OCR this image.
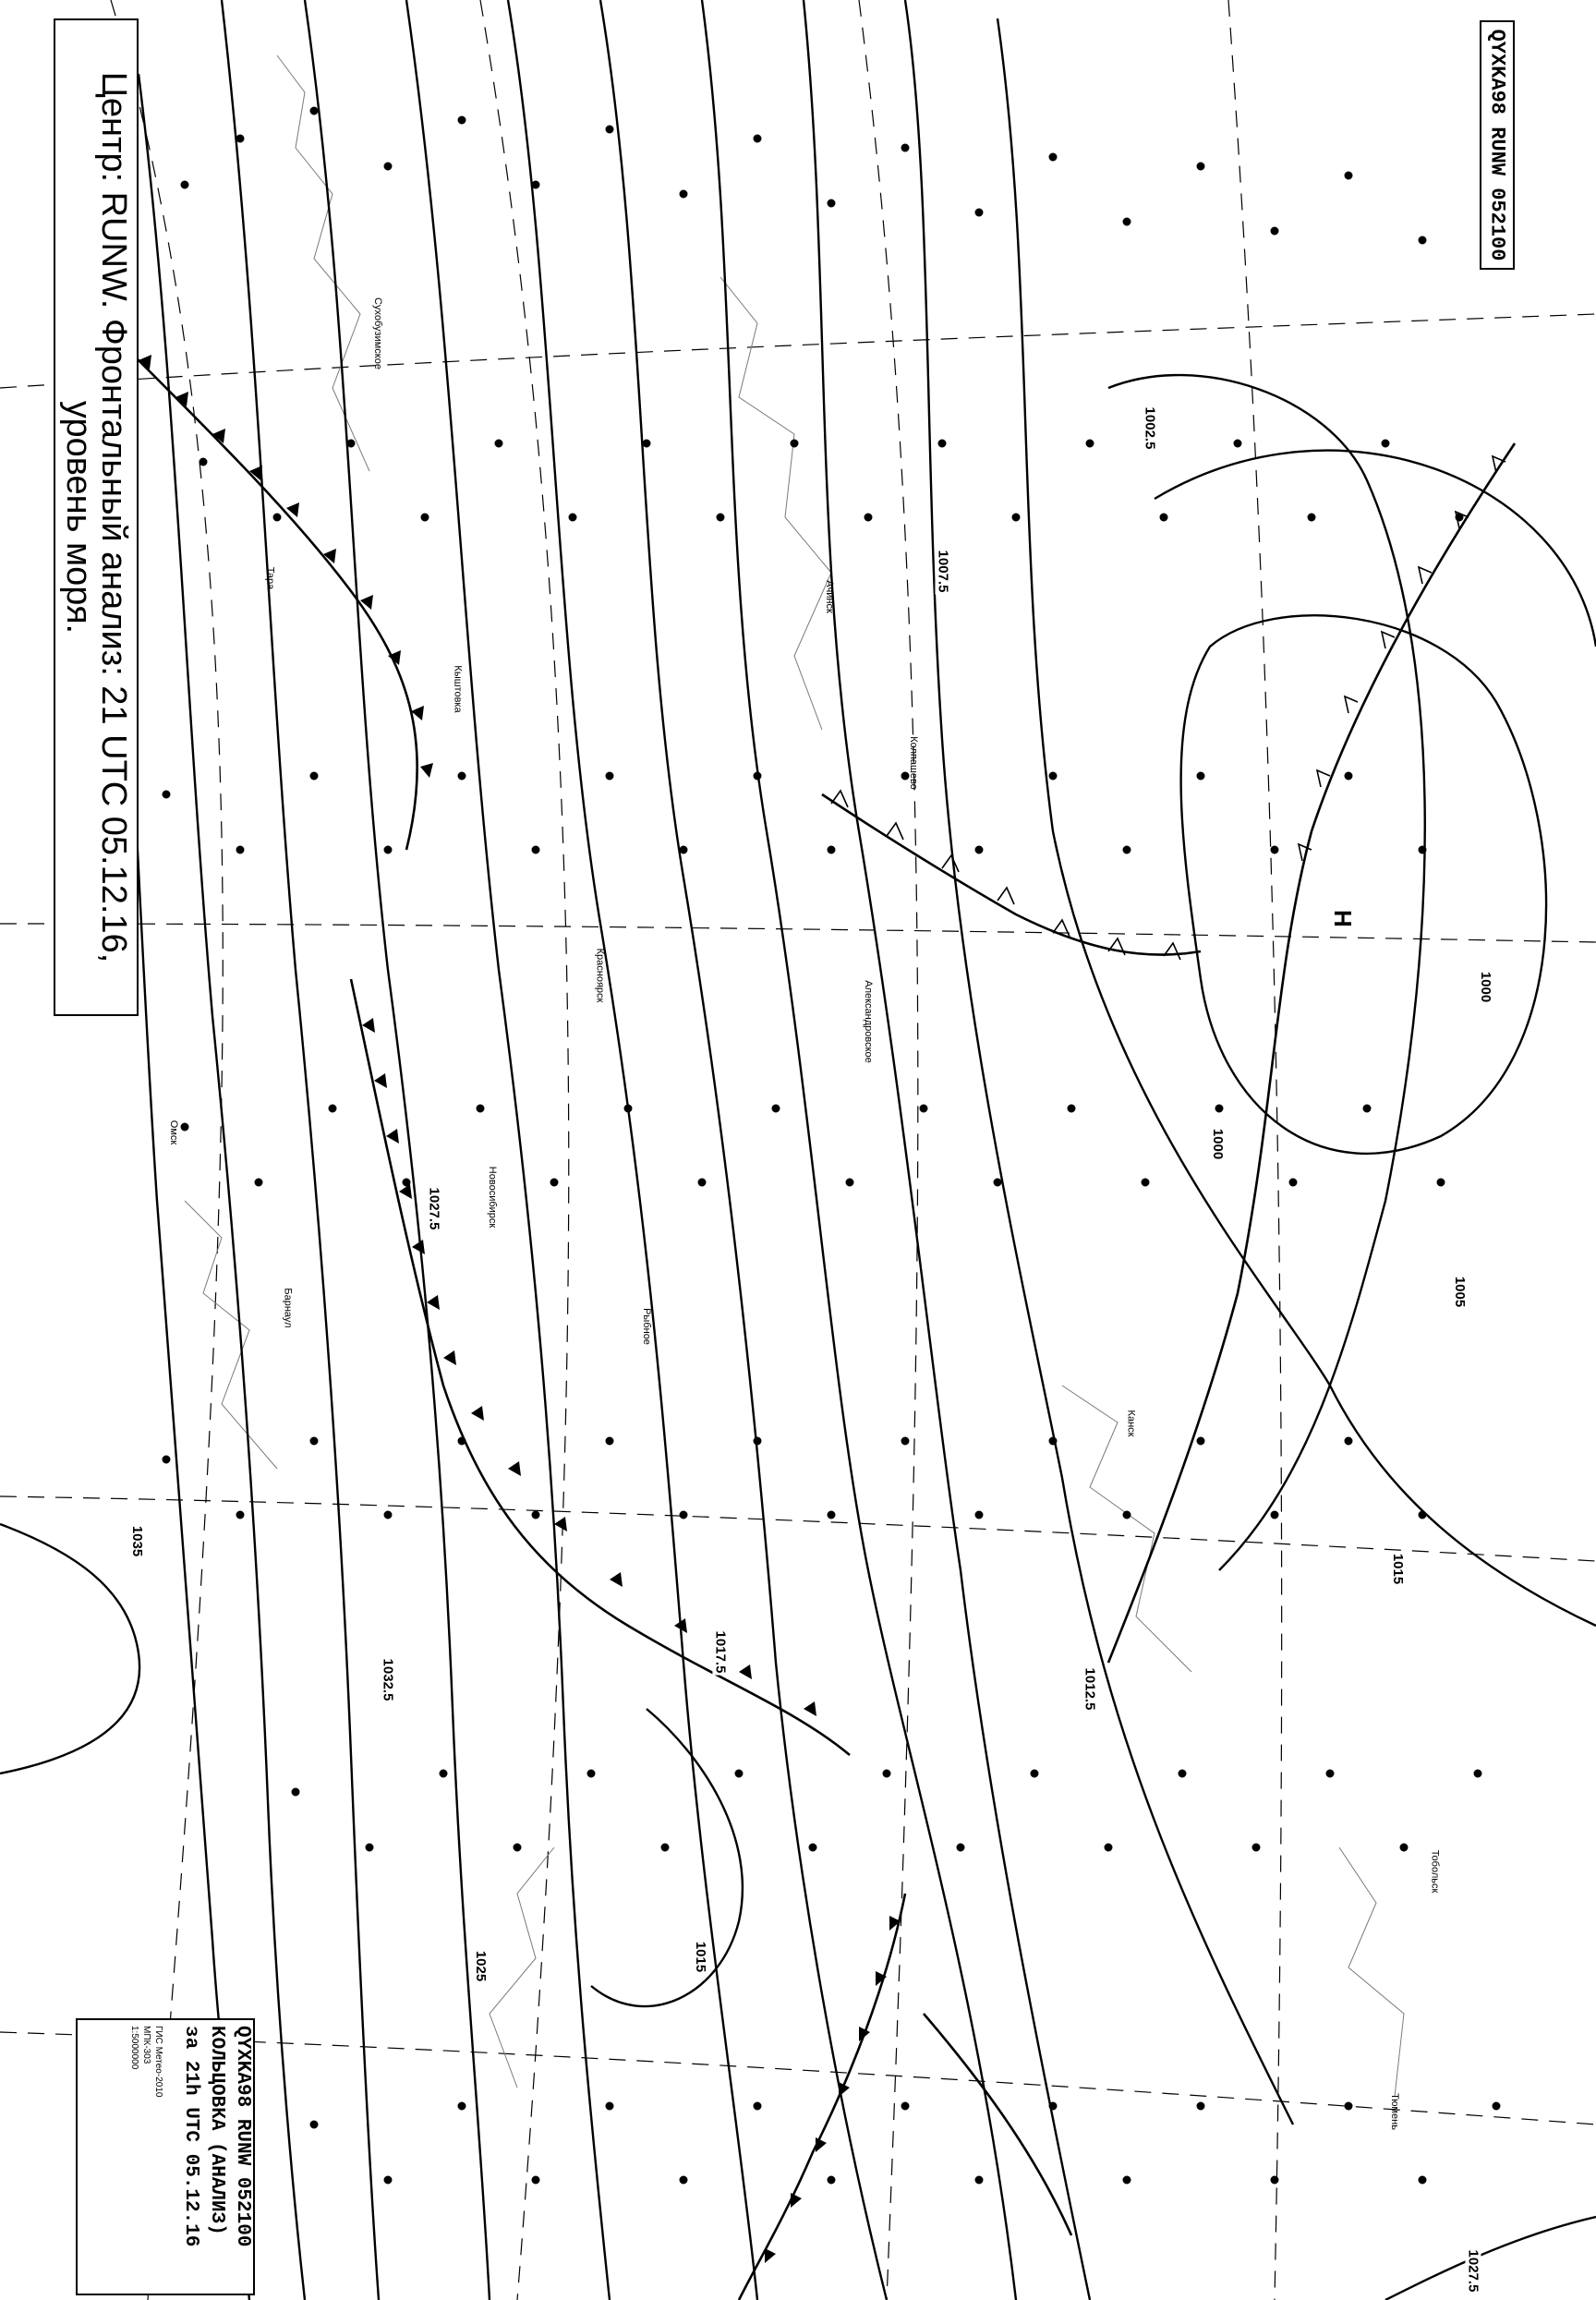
Н
1000
1000
1002.5
1005
1007.5
1012.5
1015
1015
1017.5
1027.5
1027.5
1035
1032.5
1025
Сухобузимское
Ачинск
Красноярск
Канск
Рыбное
Александровское
Новосибирск
Барнаул
Омск
Тара
Кыштовка
Колпашево
Тюмень
Тобольск
Центр: RUNW. Фронтальный анализ: 21 UTC 05.12.16, уровень моря.
QYXKA98 RUNW 052100
QYXKA98 RUNW 052100
КОЛЬЦОВКА (АНАЛИЗ)
за 21h UTC 05.12.16
ГИС Метео-2010
МПК-303
1:5000000
